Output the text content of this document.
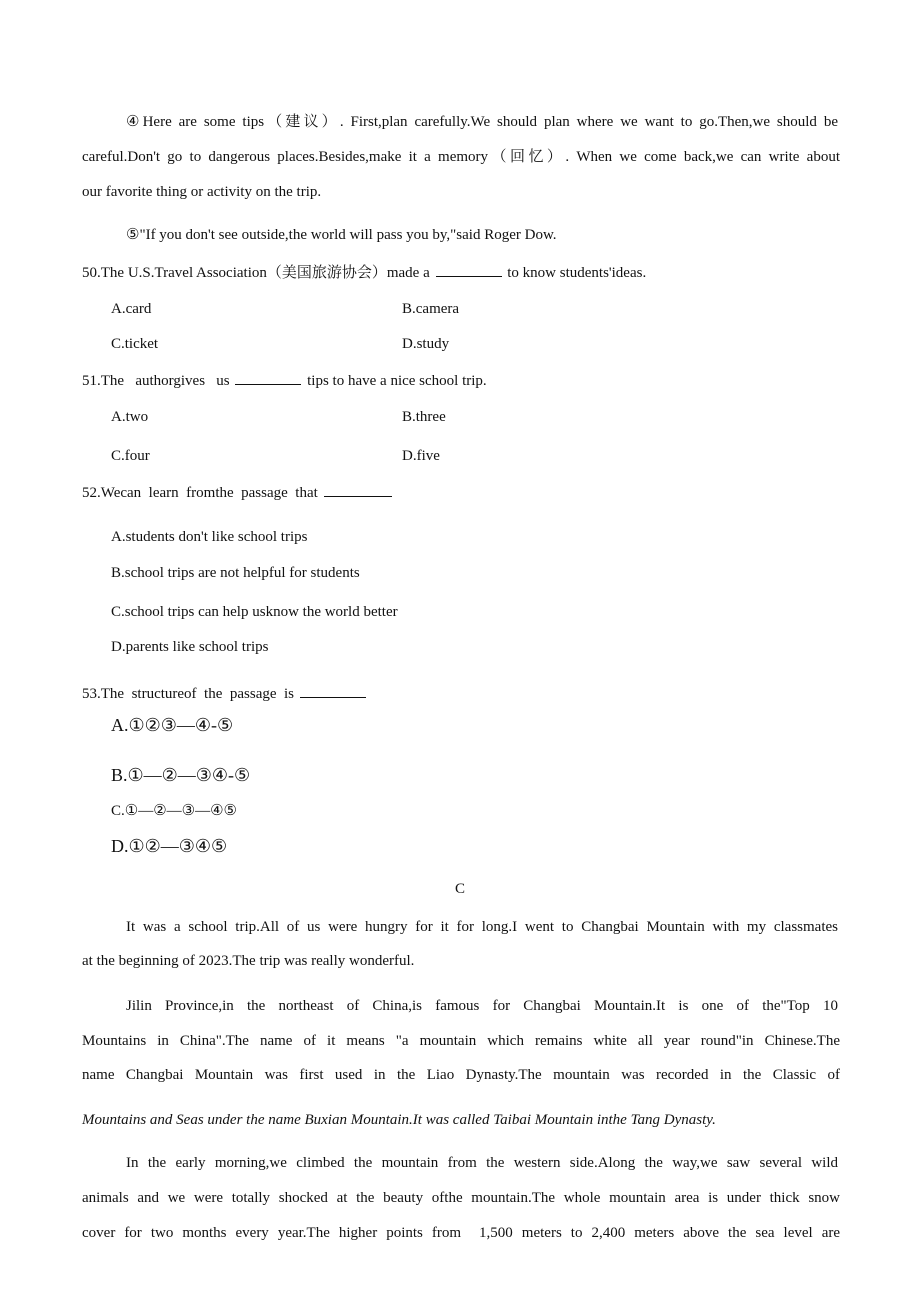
④Here are some tips（建议）. First,plan carefully.We should plan where we want to go.Then,we should be
careful.Don't go to dangerous places.Besides,make it a memory（回忆）. When we come back,we can write about
our favorite thing or activity on the trip.
⑤"If you don't see outside,the world will pass you by,"said Roger Dow.
50.The U.S.Travel Association（美国旅游协会）made a	to know students'ideas.
A.card	B.camera
C.ticket	D.study
51.The   authorgives   us	tips to have a nice school trip.
A.two	B.three
C.four	D.five
52.Wecan  learn  fromthe  passage  that
A.students don't like school trips
B.school trips are not helpful for students
C.school trips can help usknow the world better
D.parents like school trips
53.The  structureof  the  passage  is
A.①②③—④-⑤
B.①—②—③④-⑤
C.①—②—③—④⑤
D.①②—③④⑤
C
It was a school trip.All of us were hungry for it for long.I went to Changbai Mountain with my classmates
at the beginning of 2023.The trip was really wonderful.
Jilin  Province,in  the  northeast  of  China,is  famous  for  Changbai  Mountain.It  is  one  of  the"Top  10
Mountains  in  China".The  name  of  it  means  "a  mountain  which  remains  white  all  year  round"in  Chinese.The
name  Changbai  Mountain  was  first  used  in  the  Liao  Dynasty.The  mountain  was  recorded  in  the  Classic  of
Mountains and Seas under the name Buxian Mountain.It was called Taibai Mountain inthe Tang Dynasty.
In the early morning,we climbed the mountain from the western side.Along the way,we saw several wild
animals and we were totally shocked at the beauty ofthe mountain.The whole mountain area is under thick snow
cover for two months every year.The higher points from  1,500 meters to 2,400 meters above the sea level are
